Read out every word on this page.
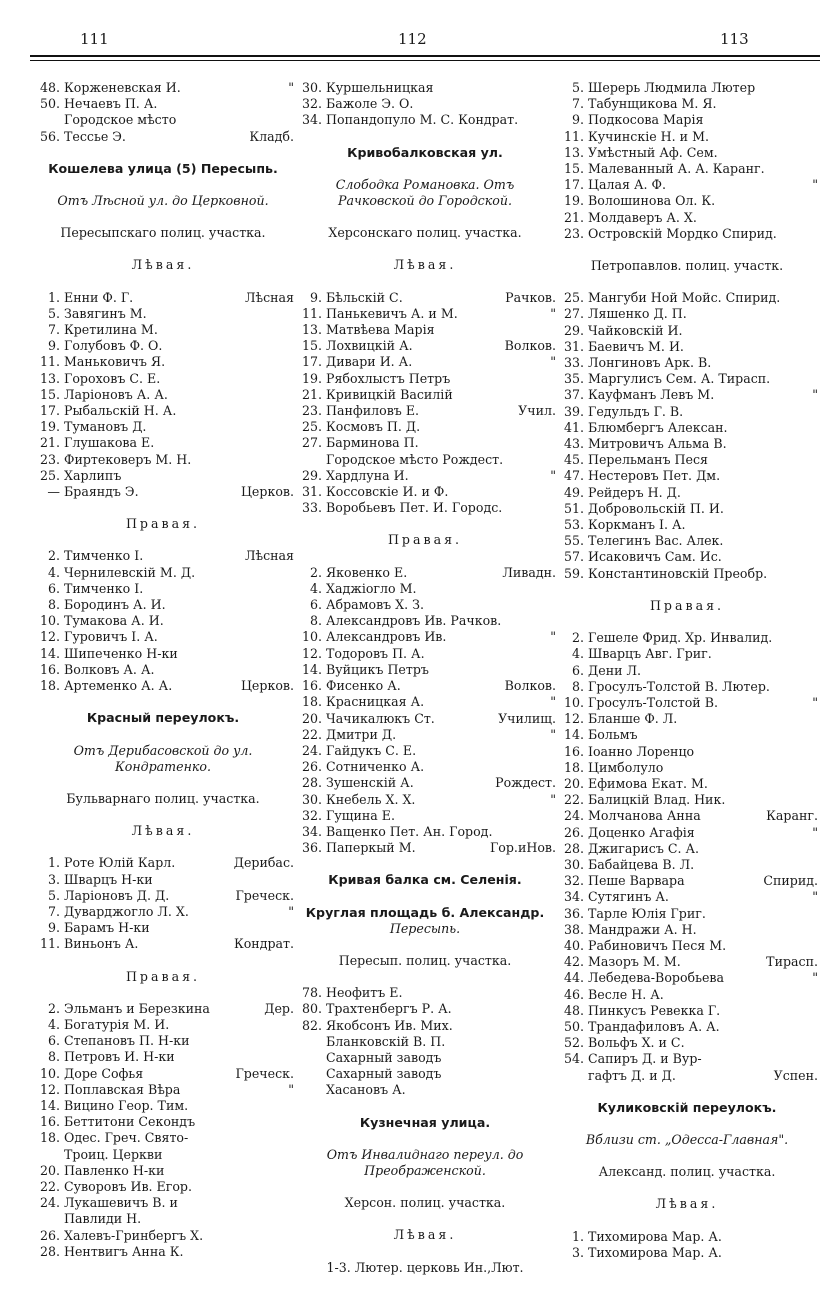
111	112	113
48. Корженевская И.	"
50. Нечаевъ П. А.
Городское мѣсто
56. Тессье Э.	Кладб.
Кошелева улица (5) Пересыпь.
Отъ Лѣсной ул. до Церковной.
Пересыпскаго полиц. участка.
Лѣвая.
1. Енни Ф. Г.	Лѣсная
5. Завягинъ М.
7. Кретилина М.
9. Голубовъ Ф. О.
11. Маньковичъ Я.
13. Гороховъ С. Е.
15. Ларіоновъ А. А.
17. Рыбальскій Н. А.
19. Тумановъ Д.
21. Глушакова Е.
23. Фиртековеръ М. Н.
25. Харлипъ
— Браяндъ Э.	Церков.
Правая.
2. Тимченко І.	Лѣсная
4. Чернилевскій М. Д.
6. Тимченко І.
8. Бородинъ А. И.
10. Тумакова А. И.
12. Гуровичъ І. А.
14. Шипеченко Н-ки
16. Волковъ А. А.
18. Артеменко А. А.	Церков.
Красный переулокъ.
Отъ Дерибасовской до ул.
Кондратенко.
Бульварнаго полиц. участка.
Лѣвая.
1. Роте Юлій Карл.	Дерибас.
3. Шварцъ Н-ки
5. Ларіоновъ Д. Д.	Греческ.
7. Дуварджогло Л. Х.	"
9. Барамъ Н-ки
11. Виньонъ А.	Кондрат.
Правая.
2. Эльманъ и Березкина	Дер.
4. Богатурія М. И.
6. Степановъ П. Н-ки
8. Петровъ И. Н-ки
10. Доре Софья	Греческ.
12. Поплавская Вѣра	"
14. Вицино Геор. Тим.
16. Беттитони Секондъ
18. Одес. Греч. Свято-
Троиц. Церкви
20. Павленко Н-ки
22. Суворовъ Ив. Егор.
24. Лукашевичъ В. и
Павлиди Н.
26. Халевъ-Гринбергъ Х.
28. Нентвигъ Анна К.
30. Куршельницкая
32. Бажоле Э. О.
34. Попандопуло М. С. Кондрат.
Кривобалковская ул.
Слободка Романовка. Отъ
Рачковской до Городской.
Херсонскаго полиц. участка.
Лѣвая.
9. Бѣльскій С.	Рачков.
11. Панькевичъ А. и М.	"
13. Матвѣева Марія
15. Лохвицкій А.	Волков.
17. Дивари И. А.	"
19. Рябохлыстъ Петръ
21. Кривицкій Василій
23. Панфиловъ Е.	Учил.
25. Космовъ П. Д.
27. Барминова П.
Городское мѣсто Рождест.
29. Хардлуна И.	"
31. Коссовскіе И. и Ф.
33. Воробьевъ Пет. И. Городс.
Правая.
2. Яковенко Е.	Ливадн.
4. Хаджіогло М.
6. Абрамовъ Х. З.
8. Александровъ Ив. Рачков.
10. Александровъ Ив.	"
12. Тодоровъ П. А.
14. Вуйцикъ Петръ
16. Фисенко А.	Волков.
18. Красницкая А.	"
20. Чачикалюкъ Ст.	Училищ.
22. Дмитри Д.	"
24. Гайдукъ С. Е.
26. Сотниченко А.
28. Зушенскій А.	Рождест.
30. Кнебель Х. Х.	"
32. Гущина Е.
34. Ващенко Пет. Ан. Город.
36. Паперкый М.	Гор.иНов.
Кривая балка см. Селенія.
Круглая площадь б. Александр.
Пересыпь.
Пересып. полиц. участка.
78. Неофитъ Е.
80. Трахтенбергъ Р. А.
82. Якобсонъ Ив. Мих.
Бланковскій В. П.
Сахарный заводъ
Сахарный заводъ
Хасановъ А.
Кузнечная улица.
Отъ Инвалиднаго переул. до
Преображенской.
Херсон. полиц. участка.
Лѣвая.
1-3. Лютер. церковь Ин.,Лют.
5. Шерерь Людмила Лютер
7. Табунщикова М. Я.
9. Подкосова Марія
11. Кучинскіе Н. и М.
13. Умѣстный Аф. Сем.
15. Малеванный А. А. Каранг.
17. Цалая А. Ф.	"
19. Волошинова Ол. К.
21. Молдаверъ А. Х.
23. Островскій Мордко Спирид.
Петропавлов. полиц. участк.
25. Мангуби Ной Мойс. Спирид.
27. Ляшенко Д. П.
29. Чайковскій И.
31. Баевичъ М. И.
33. Лонгиновъ Арк. В.
35. Маргулисъ Сем. А. Тирасп.
37. Кауфманъ Левъ М.	"
39. Гедульдъ Г. В.
41. Блюмбергъ Алексан.
43. Митровичъ Альма В.
45. Перельманъ Песя
47. Нестеровъ Пет. Дм.
49. Рейдеръ Н. Д.
51. Добровольскій П. И.
53. Коркманъ І. А.
55. Телегинъ Вас. Алек.
57. Исаковичъ Сам. Ис.
59. Константиновскій Преобр.
Правая.
2. Гешеле Фрид. Хр. Инвалид.
4. Шварцъ Авг. Григ.
6. Дени Л.
8. Гросулъ-Толстой В. Лютер.
10. Гросулъ-Толстой В.	"
12. Бланше Ф. Л.
14. Больмъ
16. Іоанно Лоренцо
18. Цимболуло
20. Ефимова Екат. М.
22. Балицкій Влад. Ник.
24. Молчанова Анна	Каранг.
26. Доценко Агафія	"
28. Джигарисъ С. А.
30. Бабайцева В. Л.
32. Пеше Варвара	Спирид.
34. Сутягинъ А.	"
36. Тарле Юлія Григ.
38. Мандражи А. Н.
40. Рабиновичъ Песя М.
42. Мазоръ М. М.	Тирасп.
44. Лебедева-Воробьева	"
46. Весле Н. А.
48. Пинкусъ Ревекка Г.
50. Трандафиловъ А. А.
52. Вольфъ Х. и С.
54. Сапиръ Д. и Вур-
гафтъ Д. и Д.	Успен.
Куликовскій переулокъ.
Вблизи ст. „Одесса-Главная".
Александ. полиц. участка.
Лѣвая.
1. Тихомирова Мар. А.
3. Тихомирова Мар. А.
